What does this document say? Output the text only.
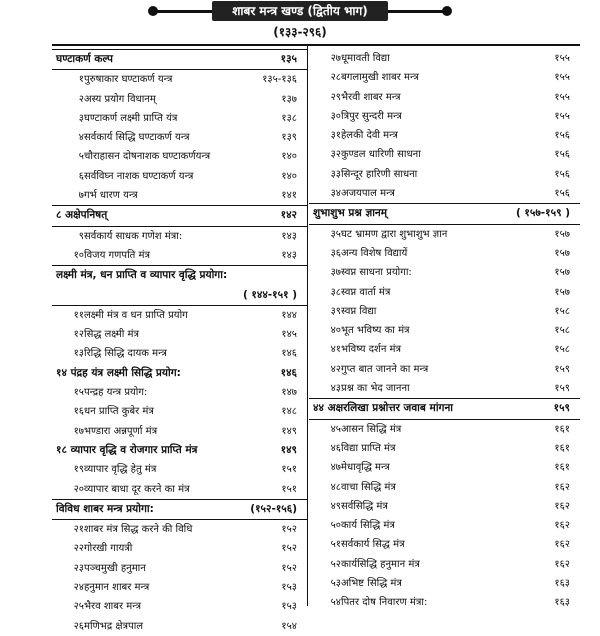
शाबर मन्त्र खण्ड (द्वितीय भाग)
(१३३-२९६)
घण्टाकर्ण कल्प	१३५
१ पुरुषाकार घण्टाकर्ण यन्त्र	१३५-१३६
२ अस्य प्रयोग विधानम्	१३७
३ घण्टाकर्ण लक्ष्मी प्राप्ति यंत्र	१३८
४ सर्वकार्य सिद्धि घण्टाकर्ण यन्त्र	१३९
५ चौराहासन दोषनाशक घण्टाकर्णयन्त्र	१४०
६ सर्वविघ्न नाशक घण्टाकर्ण यन्त्र	१४०
७ गर्भ धारण यन्त्र	१४१
८ अक्षेपनिषत्	१४२
९ सर्वकार्य साधक गणेश मंत्रा:	१४३
१० विजय गणपति मंत्र	१४३
लक्ष्मी मंत्र, धन प्राप्ति व व्यापार वृद्धि प्रयोगा:
( १४४-१५१ )
११ लक्ष्मी मंत्र व धन प्राप्ति प्रयोग	१४४
१२ सिद्ध लक्ष्मी मंत्र	१४५
१३ रिद्धि सिद्धि दायक मन्त्र	१४६
१४ पंद्रह यंत्र लक्ष्मी सिद्धि प्रयोग:	१४६
१५ पन्द्रह यन्त्र प्रयोग:	१४७
१६ धन प्राप्ति कुबेर मंत्र	१४८
१७ भण्डारा अन्नपूर्णा मंत्र	१४९
१८ व्यापार वृद्धि व रोजगार प्राप्ति मंत्र	१४९
१९ व्यापार वृद्धि हेतु मंत्र	१५१
२० व्यापार बाधा दूर करने का मंत्र	१५१
विविध शाबर मन्त्र प्रयोगा:	(१५२-१५६)
२१ शाबर मंत्र सिद्ध करने की विधि	१५२
२२ गोरखी गायत्री	१५२
२३ पञ्चमुखी हनुमान	१५२
२४ हनुमान शाबर मन्त्र	१५३
२५ भैरव शाबर मन्त्र	१५३
२६ मणिभद्र क्षेत्रपाल	१५४
२७ धूमावती विद्या	१५५
२८ बगलामुखी शाबर मन्त्र	१५५
२९ भैरवी शाबर मन्त्र	१५५
३० त्रिपुर सुन्दरी मन्त्र	१५५
३१ हेलकी देवी मन्त्र	१५६
३२ कुण्डल धारिणी साधना	१५६
३३ सिन्दूर हारिणी साधना	१५६
३४ अजयपाल मन्त्र	१५६
शुभाशुभ प्रश्न ज्ञानम्	( १५७-१५९ )
३५ घट भ्रामण द्वारा शुभाशुभ ज्ञान	१५७
३६ अन्य विशेष विद्यायें	१५७
३७ स्वप्न साधना प्रयोगा:	१५७
३८ स्वप्न वार्ता मंत्र	१५७
३९ स्वप्न विद्या	१५८
४० भूत भविष्य का मंत्र	१५८
४१ भविष्य दर्शन मंत्र	१५८
४२ गुप्त बात जानने का मन्त्र	१५९
४३ प्रश्न का भेद जानना	१५९
४४ अक्षरलिखा प्रश्नोत्तर जवाब मांगना	१५९
४५ आसन सिद्धि मंत्र	१६१
४६ विद्या प्राप्ति मंत्र	१६१
४७ मेधावृद्धि मन्त्र	१६१
४८ वाचा सिद्धि मंत्र	१६२
४९ सर्वसिद्धि मंत्र	१६२
५० कार्य सिद्धि मंत्र	१६२
५१ सर्वकार्य सिद्ध मंत्र	१६२
५२ कार्यसिद्धि हनुमान मंत्र	१६२
५३ अभिष्ट सिद्धि मंत्र	१६३
५४ पितर दोष निवारण मंत्रा:	१६३
